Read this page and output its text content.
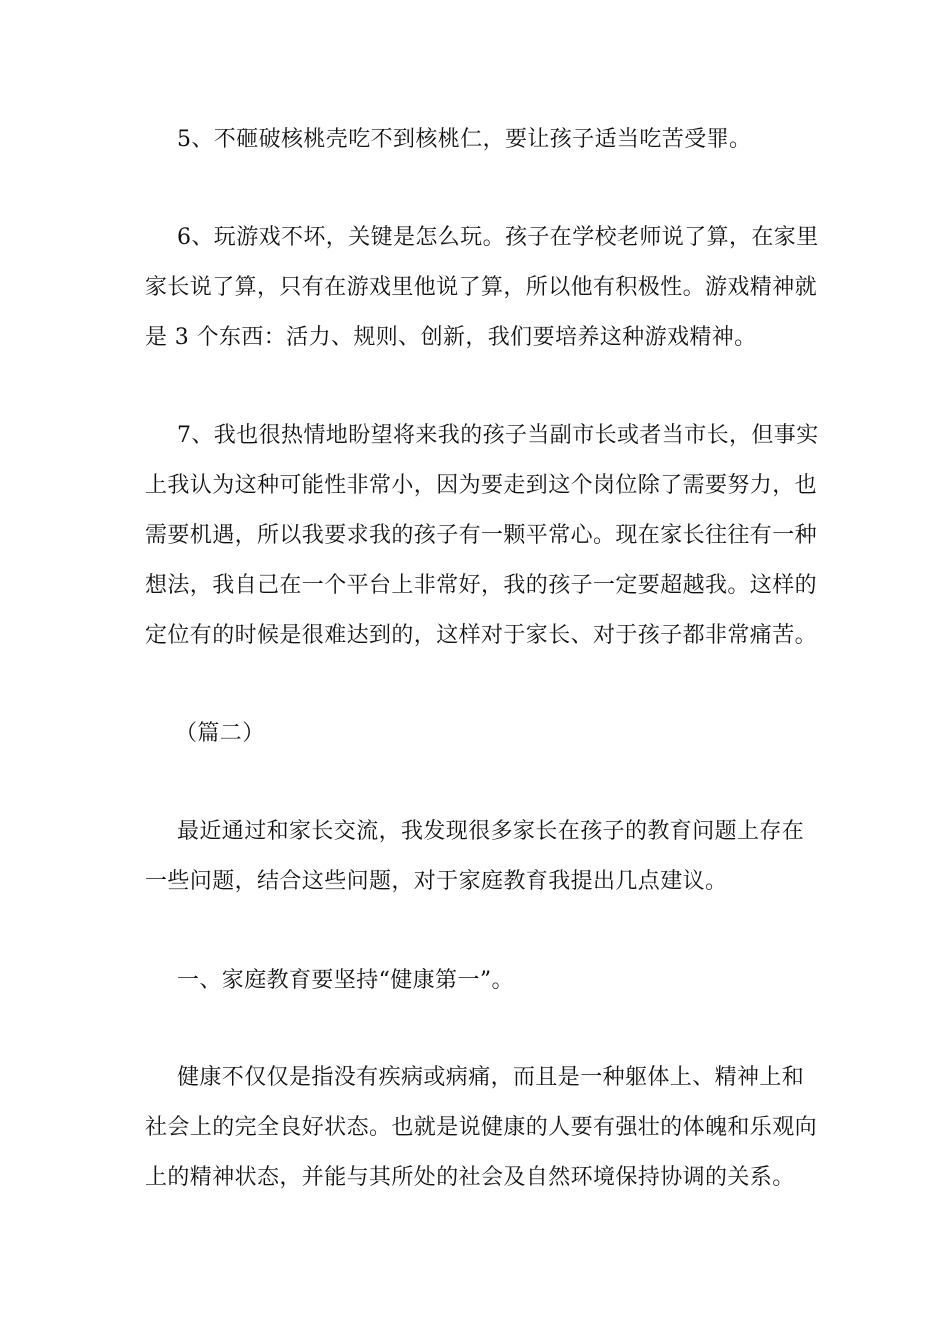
5、不砸破核桃壳吃不到核桃仁，要让孩子适当吃苦受罪。
6、玩游戏不坏，关键是怎么玩。孩子在学校老师说了算，在家里
家长说了算，只有在游戏里他说了算，所以他有积极性。游戏精神就
是 3 个东西：活力、规则、创新，我们要培养这种游戏精神。
7、我也很热情地盼望将来我的孩子当副市长或者当市长，但事实
上我认为这种可能性非常小，因为要走到这个岗位除了需要努力，也
需要机遇，所以我要求我的孩子有一颗平常心。现在家长往往有一种
想法，我自己在一个平台上非常好，我的孩子一定要超越我。这样的
定位有的时候是很难达到的，这样对于家长、对于孩子都非常痛苦。
（篇二）
最近通过和家长交流，我发现很多家长在孩子的教育问题上存在
一些问题，结合这些问题，对于家庭教育我提出几点建议。
一、家庭教育要坚持“健康第一”。
健康不仅仅是指没有疾病或病痛，而且是一种躯体上、精神上和
社会上的完全良好状态。也就是说健康的人要有强壮的体魄和乐观向
上的精神状态，并能与其所处的社会及自然环境保持协调的关系。
